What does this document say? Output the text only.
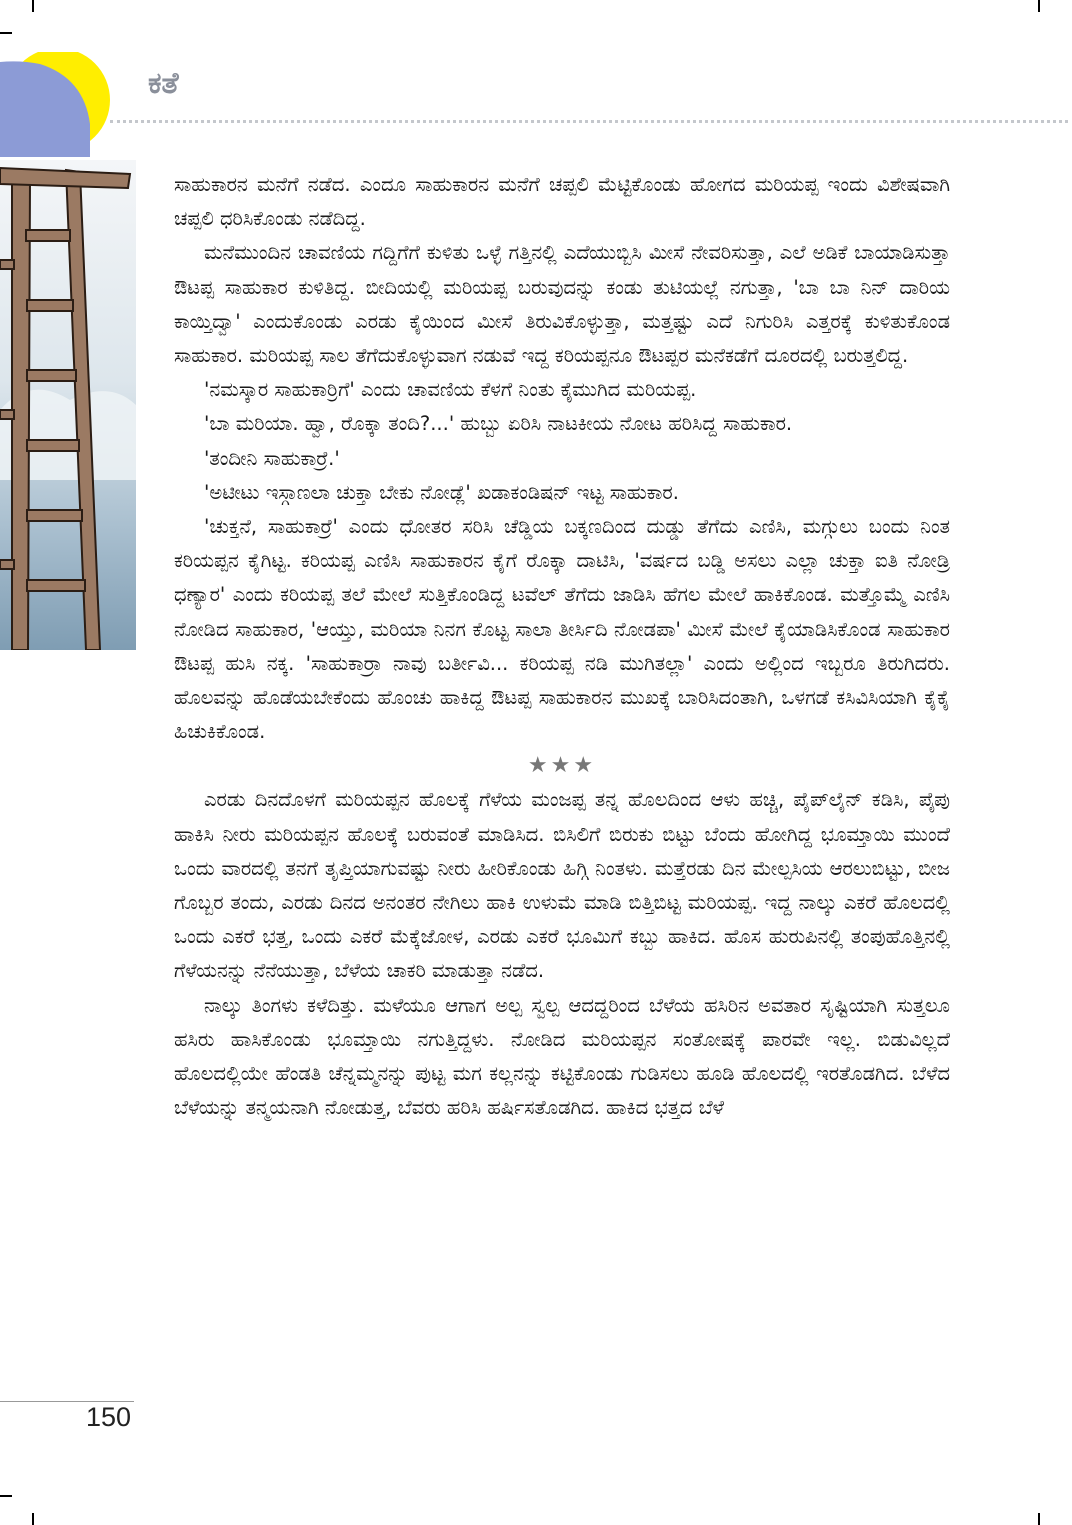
ಕತೆ

ಸಾಹುಕಾರನ ಮನೆಗೆ ನಡೆದ. ಎಂದೂ ಸಾಹುಕಾರನ ಮನೆಗೆ ಚಪ್ಪಲಿ ಮೆಟ್ಟಿಕೊಂಡು ಹೋಗದ ಮರಿಯಪ್ಪ ಇಂದು ವಿಶೇಷವಾಗಿ ಚಪ್ಪಲಿ ಧರಿಸಿಕೊಂಡು ನಡೆದಿದ್ದ.

ಮನೆಮುಂದಿನ ಚಾವಣಿಯ ಗದ್ದಿಗೆಗೆ ಕುಳಿತು ಒಳ್ಳೆ ಗತ್ತಿನಲ್ಲಿ ಎದೆಯುಬ್ಬಿಸಿ ಮೀಸೆ ನೇವರಿಸುತ್ತಾ, ಎಲೆ ಅಡಿಕೆ ಬಾಯಾಡಿಸುತ್ತಾ ಔಟಪ್ಪ ಸಾಹುಕಾರ ಕುಳಿತಿದ್ದ. ಬೀದಿಯಲ್ಲಿ ಮರಿಯಪ್ಪ ಬರುವುದನ್ನು ಕಂಡು ತುಟಿಯಲ್ಲೆ ನಗುತ್ತಾ, 'ಬಾ ಬಾ ನಿನ್ ದಾರಿಯ ಕಾಯ್ತಿದ್ವಾ' ಎಂದುಕೊಂಡು ಎರಡು ಕೈಯಿಂದ ಮೀಸೆ ತಿರುವಿಕೊಳ್ಳುತ್ತಾ, ಮತ್ತಷ್ಟು ಎದೆ ನಿಗುರಿಸಿ ಎತ್ತರಕ್ಕೆ ಕುಳಿತುಕೊಂಡ ಸಾಹುಕಾರ. ಮರಿಯಪ್ಪ ಸಾಲ ತೆಗೆದುಕೊಳ್ಳುವಾಗ ನಡುವೆ ಇದ್ದ ಕರಿಯಪ್ಪನೂ ಔಟಪ್ಪರ ಮನೆಕಡೆಗೆ ದೂರದಲ್ಲಿ ಬರುತ್ತಲಿದ್ದ.

'ನಮಸ್ಕಾರ ಸಾಹುಕಾರ್ರಿಗೆ' ಎಂದು ಚಾವಣಿಯ ಕೆಳಗೆ ನಿಂತು ಕೈಮುಗಿದ ಮರಿಯಪ್ಪ.

'ಬಾ ಮರಿಯಾ. ಹ್ವಾ, ರೊಕ್ಕಾ ತಂದಿ?...' ಹುಬ್ಬು ಏರಿಸಿ ನಾಟಕೀಯ ನೋಟ ಹರಿಸಿದ್ದ ಸಾಹುಕಾರ.

'ತಂದೀನಿ ಸಾಹುಕಾರ್ರೆ.'

'ಅಟೀಟು ಇಸ್ಗಾಣಲಾ ಚುಕ್ತಾ ಬೇಕು ನೋಡ್ಲೆ' ಖಡಾಕಂಡಿಷನ್ ಇಟ್ಟ ಸಾಹುಕಾರ.

'ಚುಕ್ತನೆ, ಸಾಹುಕಾರ್ರೆ' ಎಂದು ಧೋತರ ಸರಿಸಿ ಚೆಡ್ಡಿಯ ಬಕ್ಕಣದಿಂದ ದುಡ್ಡು ತೆಗೆದು ಎಣಿಸಿ, ಮಗ್ಗುಲು ಬಂದು ನಿಂತ ಕರಿಯಪ್ಪನ ಕೈಗಿಟ್ಟ. ಕರಿಯಪ್ಪ ಎಣಿಸಿ ಸಾಹುಕಾರನ ಕೈಗೆ ರೊಕ್ಕಾ ದಾಟಿಸಿ, 'ವರ್ಷದ ಬಡ್ಡಿ ಅಸಲು ಎಲ್ಲಾ ಚುಕ್ತಾ ಐತಿ ನೋಡ್ರಿ ಧಣ್ಯಾರ' ಎಂದು ಕರಿಯಪ್ಪ ತಲೆ ಮೇಲೆ ಸುತ್ತಿಕೊಂಡಿದ್ದ ಟವೆಲ್ ತೆಗೆದು ಜಾಡಿಸಿ ಹೆಗಲ ಮೇಲೆ ಹಾಕಿಕೊಂಡ. ಮತ್ತೊಮ್ಮೆ ಎಣಿಸಿ ನೋಡಿದ ಸಾಹುಕಾರ, 'ಆಯ್ತು, ಮರಿಯಾ ನಿನಗ ಕೊಟ್ಟ ಸಾಲಾ ತೀರ್ಸಿದಿ ನೋಡಪಾ' ಮೀಸೆ ಮೇಲೆ ಕೈಯಾಡಿಸಿಕೊಂಡ ಸಾಹುಕಾರ ಔಟಪ್ಪ ಹುಸಿ ನಕ್ಕ. 'ಸಾಹುಕಾರ್ರಾ ನಾವು ಬರ್ತೀವಿ... ಕರಿಯಪ್ಪ ನಡಿ ಮುಗಿತಲ್ಲಾ' ಎಂದು ಅಲ್ಲಿಂದ ಇಬ್ಬರೂ ತಿರುಗಿದರು. ಹೊಲವನ್ನು ಹೊಡೆಯಬೇಕೆಂದು ಹೊಂಚು ಹಾಕಿದ್ದ ಔಟಪ್ಪ ಸಾಹುಕಾರನ ಮುಖಕ್ಕೆ ಬಾರಿಸಿದಂತಾಗಿ, ಒಳಗಡೆ ಕಸಿವಿಸಿಯಾಗಿ ಕೈಕೈ ಹಿಚುಕಿಕೊಂಡ.

★★★

ಎರಡು ದಿನದೊಳಗೆ ಮರಿಯಪ್ಪನ ಹೊಲಕ್ಕೆ ಗೆಳೆಯ ಮಂಜಪ್ಪ ತನ್ನ ಹೊಲದಿಂದ ಆಳು ಹಚ್ಚಿ, ಪೈಪ್‌ಲೈನ್ ಕಡಿಸಿ, ಪೈಪು ಹಾಕಿಸಿ ನೀರು ಮರಿಯಪ್ಪನ ಹೊಲಕ್ಕೆ ಬರುವಂತೆ ಮಾಡಿಸಿದ. ಬಿಸಿಲಿಗೆ ಬಿರುಕು ಬಿಟ್ಟು ಬೆಂದು ಹೋಗಿದ್ದ ಭೂಮ್ತಾಯಿ ಮುಂದೆ ಒಂದು ವಾರದಲ್ಲಿ ತನಗೆ ತೃಪ್ತಿಯಾಗುವಷ್ಟು ನೀರು ಹೀರಿಕೊಂಡು ಹಿಗ್ಗಿ ನಿಂತಳು. ಮತ್ತೆರಡು ದಿನ ಮೇಲ್ಪಸಿಯ ಆರಲುಬಿಟ್ಟು, ಬೀಜ ಗೊಬ್ಬರ ತಂದು, ಎರಡು ದಿನದ ಅನಂತರ ನೇಗಿಲು ಹಾಕಿ ಉಳುಮೆ ಮಾಡಿ ಬಿತ್ತಿಬಿಟ್ಟ ಮರಿಯಪ್ಪ. ಇದ್ದ ನಾಲ್ಕು ಎಕರೆ ಹೊಲದಲ್ಲಿ ಒಂದು ಎಕರೆ ಭತ್ತ, ಒಂದು ಎಕರೆ ಮೆಕ್ಕೆಜೋಳ, ಎರಡು ಎಕರೆ ಭೂಮಿಗೆ ಕಬ್ಬು ಹಾಕಿದ. ಹೊಸ ಹುರುಪಿನಲ್ಲಿ ತಂಪುಹೊತ್ತಿನಲ್ಲಿ ಗೆಳೆಯನನ್ನು ನೆನೆಯುತ್ತಾ, ಬೆಳೆಯ ಚಾಕರಿ ಮಾಡುತ್ತಾ ನಡೆದ.

ನಾಲ್ಕು ತಿಂಗಳು ಕಳೆದಿತ್ತು. ಮಳೆಯೂ ಆಗಾಗ ಅಲ್ಪ ಸ್ವಲ್ಪ ಆದದ್ದರಿಂದ ಬೆಳೆಯ ಹಸಿರಿನ ಅವತಾರ ಸೃಷ್ಟಿಯಾಗಿ ಸುತ್ತಲೂ ಹಸಿರು ಹಾಸಿಕೊಂಡು ಭೂಮ್ತಾಯಿ ನಗುತ್ತಿದ್ದಳು. ನೋಡಿದ ಮರಿಯಪ್ಪನ ಸಂತೋಷಕ್ಕೆ ಪಾರವೇ ಇಲ್ಲ. ಬಿಡುವಿಲ್ಲದೆ ಹೊಲದಲ್ಲಿಯೇ ಹೆಂಡತಿ ಚೆನ್ನಮ್ಮನನ್ನು ಪುಟ್ಟ ಮಗ ಕಲ್ಲನನ್ನು ಕಟ್ಟಿಕೊಂಡು ಗುಡಿಸಲು ಹೂಡಿ ಹೊಲದಲ್ಲಿ ಇರತೊಡಗಿದ. ಬೆಳೆದ ಬೆಳೆಯನ್ನು ತನ್ಮಯನಾಗಿ ನೋಡುತ್ತ, ಬೆವರು ಹರಿಸಿ ಹರ್ಷಿಸತೊಡಗಿದ. ಹಾಕಿದ ಭತ್ತದ ಬೆಳೆ

150
